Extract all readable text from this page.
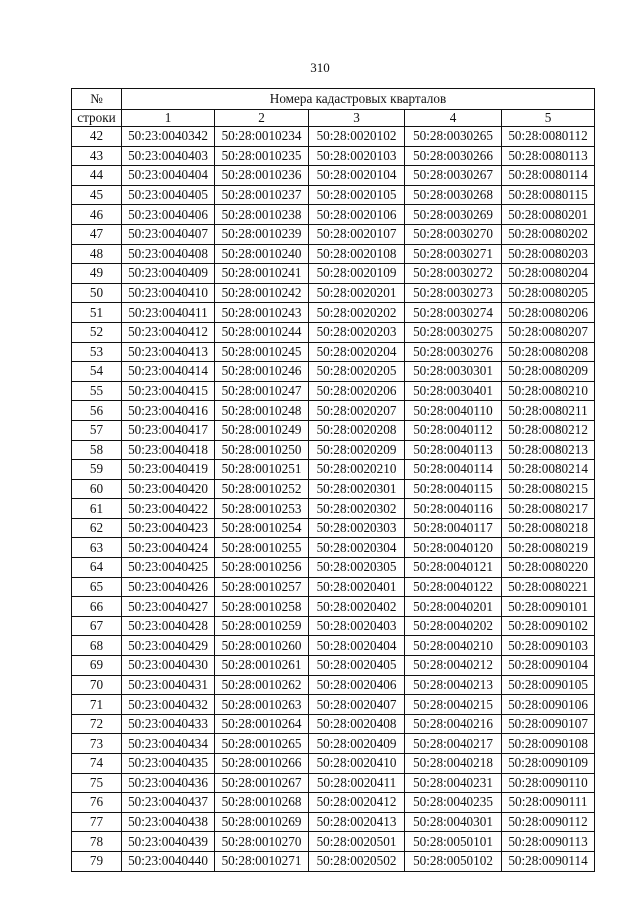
310
№	Номера кадастровых кварталов				
строки	1	2	3	4	5
42	50:23:0040342	50:28:0010234	50:28:0020102	50:28:0030265	50:28:0080112
43	50:23:0040403	50:28:0010235	50:28:0020103	50:28:0030266	50:28:0080113
44	50:23:0040404	50:28:0010236	50:28:0020104	50:28:0030267	50:28:0080114
45	50:23:0040405	50:28:0010237	50:28:0020105	50:28:0030268	50:28:0080115
46	50:23:0040406	50:28:0010238	50:28:0020106	50:28:0030269	50:28:0080201
47	50:23:0040407	50:28:0010239	50:28:0020107	50:28:0030270	50:28:0080202
48	50:23:0040408	50:28:0010240	50:28:0020108	50:28:0030271	50:28:0080203
49	50:23:0040409	50:28:0010241	50:28:0020109	50:28:0030272	50:28:0080204
50	50:23:0040410	50:28:0010242	50:28:0020201	50:28:0030273	50:28:0080205
51	50:23:0040411	50:28:0010243	50:28:0020202	50:28:0030274	50:28:0080206
52	50:23:0040412	50:28:0010244	50:28:0020203	50:28:0030275	50:28:0080207
53	50:23:0040413	50:28:0010245	50:28:0020204	50:28:0030276	50:28:0080208
54	50:23:0040414	50:28:0010246	50:28:0020205	50:28:0030301	50:28:0080209
55	50:23:0040415	50:28:0010247	50:28:0020206	50:28:0030401	50:28:0080210
56	50:23:0040416	50:28:0010248	50:28:0020207	50:28:0040110	50:28:0080211
57	50:23:0040417	50:28:0010249	50:28:0020208	50:28:0040112	50:28:0080212
58	50:23:0040418	50:28:0010250	50:28:0020209	50:28:0040113	50:28:0080213
59	50:23:0040419	50:28:0010251	50:28:0020210	50:28:0040114	50:28:0080214
60	50:23:0040420	50:28:0010252	50:28:0020301	50:28:0040115	50:28:0080215
61	50:23:0040422	50:28:0010253	50:28:0020302	50:28:0040116	50:28:0080217
62	50:23:0040423	50:28:0010254	50:28:0020303	50:28:0040117	50:28:0080218
63	50:23:0040424	50:28:0010255	50:28:0020304	50:28:0040120	50:28:0080219
64	50:23:0040425	50:28:0010256	50:28:0020305	50:28:0040121	50:28:0080220
65	50:23:0040426	50:28:0010257	50:28:0020401	50:28:0040122	50:28:0080221
66	50:23:0040427	50:28:0010258	50:28:0020402	50:28:0040201	50:28:0090101
67	50:23:0040428	50:28:0010259	50:28:0020403	50:28:0040202	50:28:0090102
68	50:23:0040429	50:28:0010260	50:28:0020404	50:28:0040210	50:28:0090103
69	50:23:0040430	50:28:0010261	50:28:0020405	50:28:0040212	50:28:0090104
70	50:23:0040431	50:28:0010262	50:28:0020406	50:28:0040213	50:28:0090105
71	50:23:0040432	50:28:0010263	50:28:0020407	50:28:0040215	50:28:0090106
72	50:23:0040433	50:28:0010264	50:28:0020408	50:28:0040216	50:28:0090107
73	50:23:0040434	50:28:0010265	50:28:0020409	50:28:0040217	50:28:0090108
74	50:23:0040435	50:28:0010266	50:28:0020410	50:28:0040218	50:28:0090109
75	50:23:0040436	50:28:0010267	50:28:0020411	50:28:0040231	50:28:0090110
76	50:23:0040437	50:28:0010268	50:28:0020412	50:28:0040235	50:28:0090111
77	50:23:0040438	50:28:0010269	50:28:0020413	50:28:0040301	50:28:0090112
78	50:23:0040439	50:28:0010270	50:28:0020501	50:28:0050101	50:28:0090113
79	50:23:0040440	50:28:0010271	50:28:0020502	50:28:0050102	50:28:0090114
